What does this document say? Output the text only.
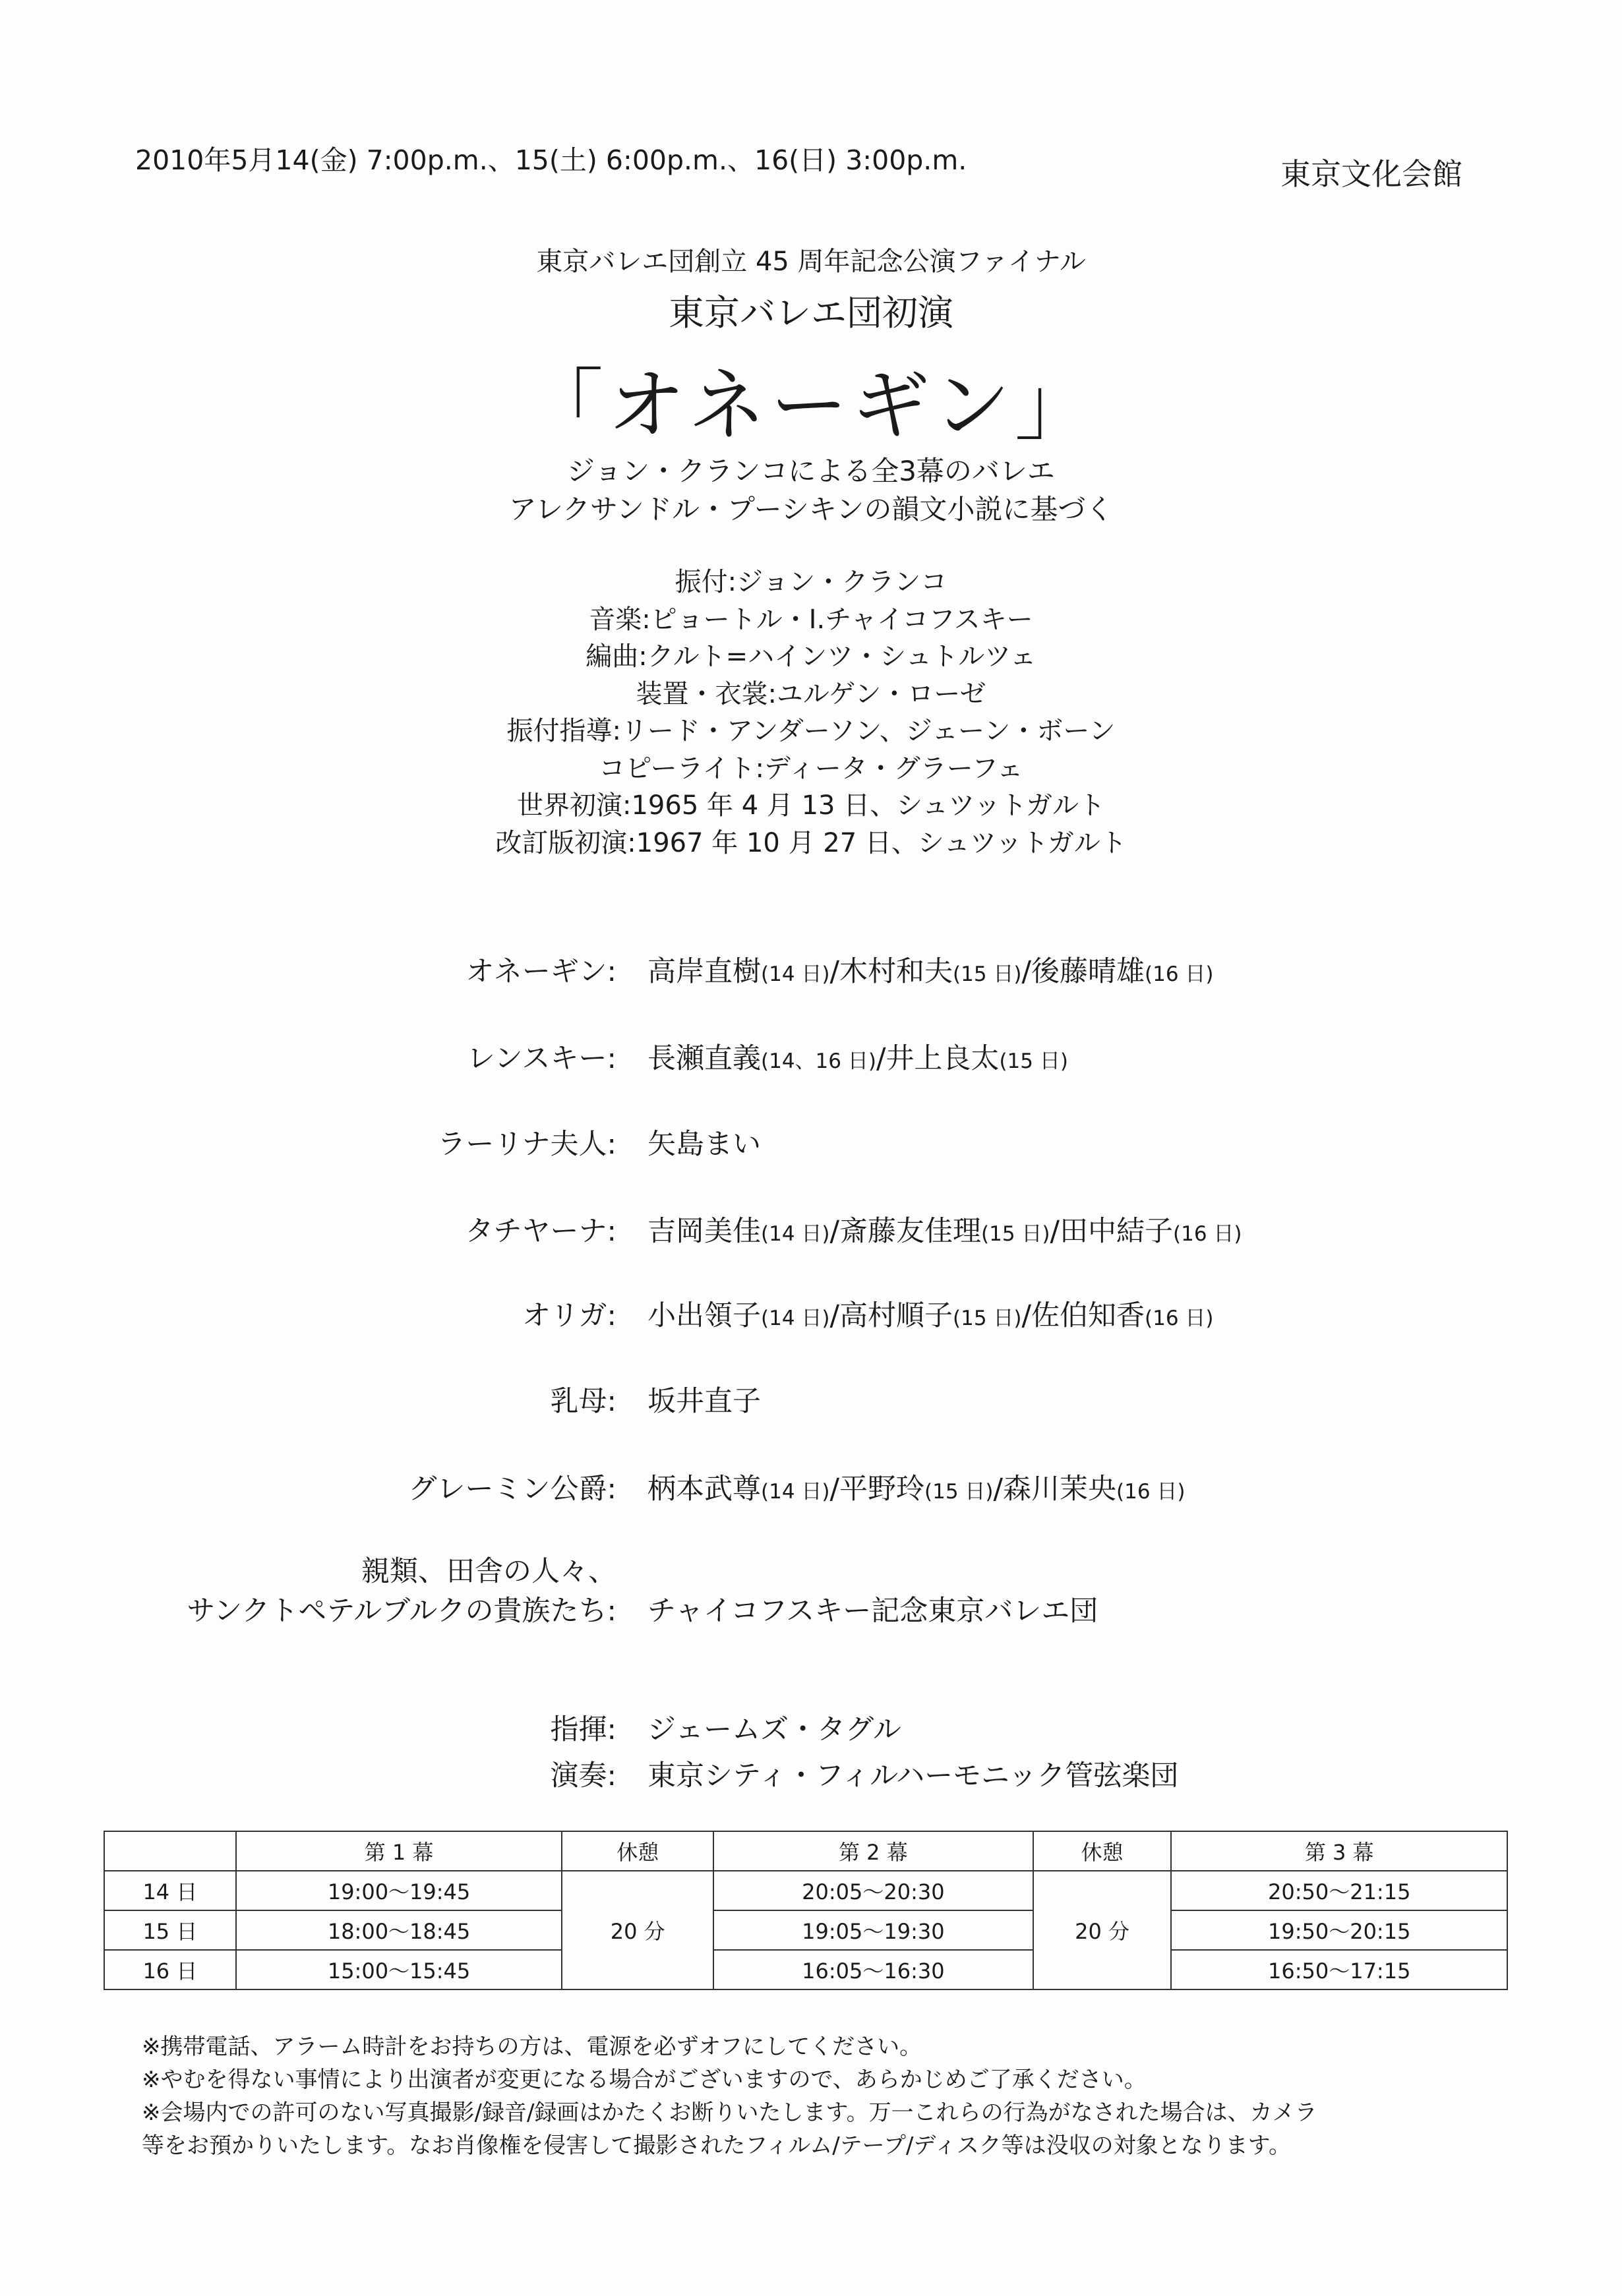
2010年5月14(金) 7:00p.m.、15(土) 6:00p.m.、16(日) 3:00p.m.	東京文化会館
東京バレエ団創立 45 周年記念公演ファイナル
東京バレエ団初演
「オネーギン」
ジョン・クランコによる全3幕のバレエ
アレクサンドル・プーシキンの韻文小説に基づく
振付:ジョン・クランコ
音楽:ピョートル・I.チャイコフスキー
編曲:クルト=ハインツ・シュトルツェ
装置・衣裳:ユルゲン・ローゼ
振付指導:リード・アンダーソン、ジェーン・ボーン
コピーライト:ディータ・グラーフェ
世界初演:1965 年 4 月 13 日、シュツットガルト
改訂版初演:1967 年 10 月 27 日、シュツットガルト
オネーギン: 高岸直樹(14 日)/木村和夫(15 日)/後藤晴雄(16 日)
レンスキー: 長瀬直義(14、16 日)/井上良太(15 日)
ラーリナ夫人: 矢島まい
タチヤーナ: 吉岡美佳(14 日)/斎藤友佳理(15 日)/田中結子(16 日)
オリガ: 小出領子(14 日)/高村順子(15 日)/佐伯知香(16 日)
乳母: 坂井直子
グレーミン公爵: 柄本武尊(14 日)/平野玲(15 日)/森川茉央(16 日)
親類、田舎の人々、
サンクトペテルブルクの貴族たち: チャイコフスキー記念東京バレエ団
指揮: ジェームズ・タグル
演奏: 東京シティ・フィルハーモニック管弦楽団
	第 1 幕	休憩	第 2 幕	休憩	第 3 幕
14 日	19:00〜19:45	20 分	20:05〜20:30	20 分	20:50〜21:15
15 日	18:00〜18:45		19:05〜19:30		19:50〜20:15
16 日	15:00〜15:45		16:05〜16:30		16:50〜17:15
※携帯電話、アラーム時計をお持ちの方は、電源を必ずオフにしてください。
※やむを得ない事情により出演者が変更になる場合がございますので、あらかじめご了承ください。
※会場内での許可のない写真撮影/録音/録画はかたくお断りいたします。万一これらの行為がなされた場合は、カメラ
等をお預かりいたします。なお肖像権を侵害して撮影されたフィルム/テープ/ディスク等は没収の対象となります。
